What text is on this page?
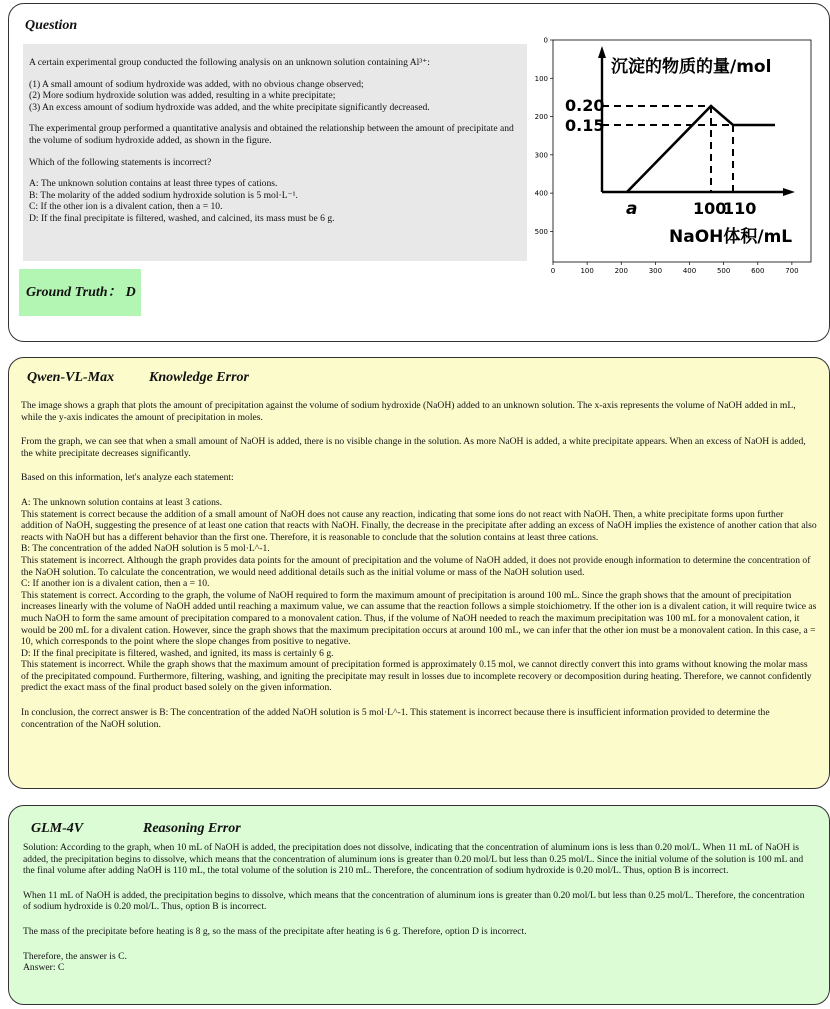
Question

A certain experimental group conducted the following analysis on an unknown solution containing Al³⁺:

(1) A small amount of sodium hydroxide was added, with no obvious change observed;
(2) More sodium hydroxide solution was added, resulting in a white precipitate;
(3) An excess amount of sodium hydroxide was added, and the white precipitate significantly decreased.

The experimental group performed a quantitative analysis and obtained the relationship between the amount of precipitate and the volume of sodium hydroxide added, as shown in the figure.

Which of the following statements is incorrect?

A: The unknown solution contains at least three types of cations.
B: The molarity of the added sodium hydroxide solution is 5 mol·L⁻¹.
C: If the other ion is a divalent cation, then a = 10.
D: If the final precipitate is filtered, washed, and calcined, its mass must be 6 g.

Ground Truth： D
0
100
200
300
400
500
0	100	200	300	400	500	600	700
沉淀的物质的量/mol
0.20
0.15
a	100
110
NaOH体积/mL
Qwen-VL-Max Knowledge Error

The image shows a graph that plots the amount of precipitation against the volume of sodium hydroxide (NaOH) added to an unknown solution. The x-axis represents the volume of NaOH added in mL, while the y-axis indicates the amount of precipitation in moles.

From the graph, we can see that when a small amount of NaOH is added, there is no visible change in the solution. As more NaOH is added, a white precipitate appears. When an excess of NaOH is added, the white precipitate decreases significantly.

Based on this information, let's analyze each statement:

A: The unknown solution contains at least 3 cations.
This statement is correct because the addition of a small amount of NaOH does not cause any reaction, indicating that some ions do not react with NaOH. Then, a white precipitate forms upon further addition of NaOH, suggesting the presence of at least one cation that reacts with NaOH. Finally, the decrease in the precipitate after adding an excess of NaOH implies the existence of another cation that also reacts with NaOH but has a different behavior than the first one. Therefore, it is reasonable to conclude that the solution contains at least three cations.
B: The concentration of the added NaOH solution is 5 mol·L^-1.
This statement is incorrect. Although the graph provides data points for the amount of precipitation and the volume of NaOH added, it does not provide enough information to determine the concentration of the NaOH solution. To calculate the concentration, we would need additional details such as the initial volume or mass of the NaOH solution used.
C: If another ion is a divalent cation, then a = 10.
This statement is correct. According to the graph, the volume of NaOH required to form the maximum amount of precipitation is around 100 mL. Since the graph shows that the amount of precipitation increases linearly with the volume of NaOH added until reaching a maximum value, we can assume that the reaction follows a simple stoichiometry. If the other ion is a divalent cation, it will require twice as much NaOH to form the same amount of precipitation compared to a monovalent cation. Thus, if the volume of NaOH needed to reach the maximum precipitation was 100 mL for a monovalent cation, it would be 200 mL for a divalent cation. However, since the graph shows that the maximum precipitation occurs at around 100 mL, we can infer that the other ion must be a monovalent cation. In this case, a = 10, which corresponds to the point where the slope changes from positive to negative.
D: If the final precipitate is filtered, washed, and ignited, its mass is certainly 6 g.
This statement is incorrect. While the graph shows that the maximum amount of precipitation formed is approximately 0.15 mol, we cannot directly convert this into grams without knowing the molar mass of the precipitated compound. Furthermore, filtering, washing, and igniting the precipitate may result in losses due to incomplete recovery or decomposition during heating. Therefore, we cannot confidently predict the exact mass of the final product based solely on the given information.

In conclusion, the correct answer is B: The concentration of the added NaOH solution is 5 mol·L^-1. This statement is incorrect because there is insufficient information provided to determine the concentration of the NaOH solution.

GLM-4V	Reasoning Error

Solution: According to the graph, when 10 mL of NaOH is added, the precipitation does not dissolve, indicating that the concentration of aluminum ions is less than 0.20 mol/L. When 11 mL of NaOH is added, the precipitation begins to dissolve, which means that the concentration of aluminum ions is greater than 0.20 mol/L but less than 0.25 mol/L. Since the initial volume of the solution is 100 mL and the final volume after adding NaOH is 110 mL, the total volume of the solution is 210 mL. Therefore, the concentration of sodium hydroxide is 0.20 mol/L. Thus, option B is incorrect.

When 11 mL of NaOH is added, the precipitation begins to dissolve, which means that the concentration of aluminum ions is greater than 0.20 mol/L but less than 0.25 mol/L. Therefore, the concentration of sodium hydroxide is 0.20 mol/L. Thus, option B is incorrect.

The mass of the precipitate before heating is 8 g, so the mass of the precipitate after heating is 6 g. Therefore, option D is incorrect.

Therefore, the answer is C.
Answer: C
